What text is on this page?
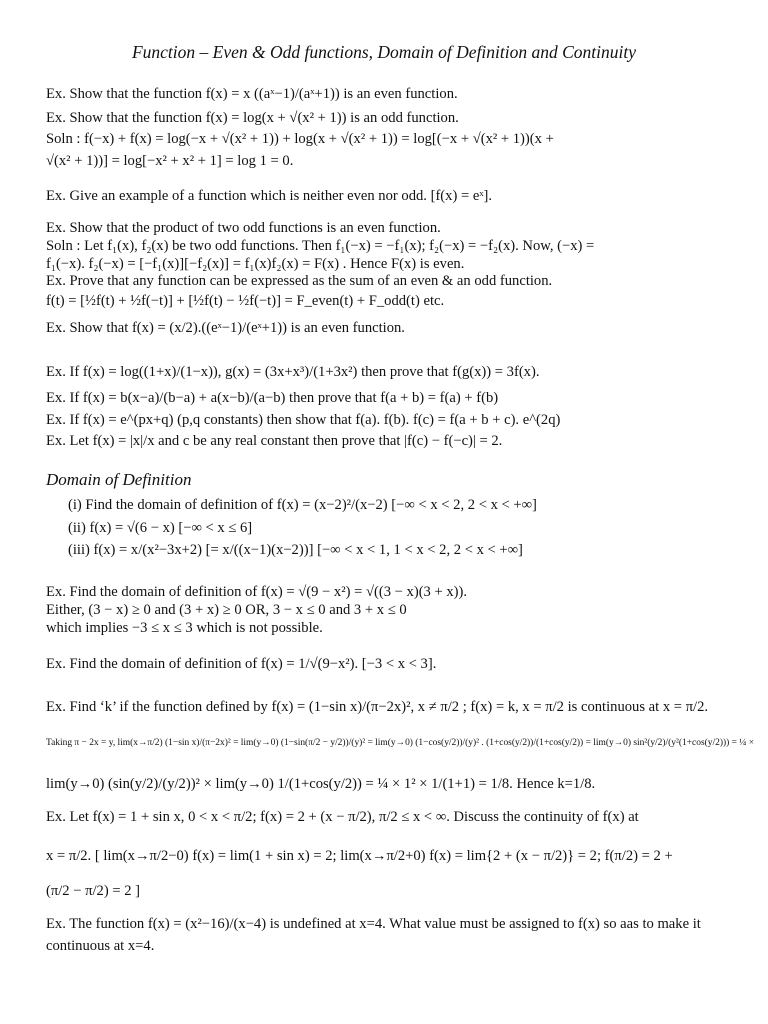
Function – Even & Odd functions, Domain of Definition and Continuity
Ex. Show that the function f(x) = x ((aˣ−1)/(aˣ+1)) is an even function.
Ex. Show that the function f(x) = log(x + √(x² + 1)) is an odd function.
Soln : f(−x) + f(x) = log(−x + √(x² + 1)) + log(x + √(x² + 1)) = log[(−x + √(x² + 1))(x +
√(x² + 1))] = log[−x² + x² + 1] = log 1 = 0.
Ex. Give an example of a function which is neither even nor odd. [f(x) = eˣ].
Ex. Show that the product of two odd functions is an even function.
Soln : Let f₁(x), f₂(x) be two odd functions. Then f₁(−x) = −f₁(x); f₂(−x) = −f₂(x). Now, (−x) =
f₁(−x). f₂(−x) = [−f₁(x)][−f₂(x)] = f₁(x)f₂(x) = F(x) . Hence F(x) is even.
Ex. Prove that any function can be expressed as the sum of an even & an odd function.
f(t) = [½f(t) + ½f(−t)] + [½f(t) − ½f(−t)] = F_even(t) + F_odd(t) etc.
Ex. Show that f(x) = (x/2).((eˣ−1)/(eˣ+1)) is an even function.
Ex. If f(x) = log((1+x)/(1−x)), g(x) = (3x+x³)/(1+3x²) then prove that f(g(x)) = 3f(x).
Ex. If f(x) = b(x−a)/(b−a) + a(x−b)/(a−b) then prove that f(a + b) = f(a) + f(b)
Ex. If f(x) = e^(px+q) (p,q constants) then show that f(a). f(b). f(c) = f(a + b + c). e^(2q)
Ex. Let f(x) = |x|/x and c be any real constant then prove that |f(c) − f(−c)| = 2.
Domain of Definition
(i) Find the domain of definition of f(x) = (x−2)²/(x−2) [−∞ < x < 2, 2 < x < +∞]
(ii) f(x) = √(6 − x) [−∞ < x ≤ 6]
(iii) f(x) = x/(x²−3x+2) [= x/((x−1)(x−2))] [−∞ < x < 1, 1 < x < 2, 2 < x < +∞]
Ex. Find the domain of definition of f(x) = √(9 − x²) = √((3 − x)(3 + x)).
Either, (3 − x) ≥ 0 and (3 + x) ≥ 0 OR, 3 − x ≤ 0 and 3 + x ≤ 0
which implies −3 ≤ x ≤ 3 which is not possible.
Ex. Find the domain of definition of f(x) = 1/√(9−x²). [−3 < x < 3].
Ex. Find ‘k’ if the function defined by f(x) = (1−sin x)/(π−2x)², x ≠ π/2 ; f(x) = k, x = π/2 is continuous at x = π/2.
Taking π − 2x = y, lim(x→π/2) (1−sin x)/(π−2x)² = lim(y→0) (1−sin(π/2 − y/2))/(y)² = lim(y→0) (1−cos(y/2))/(y)² . (1+cos(y/2))/(1+cos(y/2)) = lim(y→0) sin²(y/2)/(y²(1+cos(y/2))) = ¼ ×
lim(y→0) (sin(y/2)/(y/2))² × lim(y→0) 1/(1+cos(y/2)) = ¼ × 1² × 1/(1+1) = 1/8. Hence k=1/8.
Ex. Let f(x) = 1 + sin x, 0 < x < π/2; f(x) = 2 + (x − π/2), π/2 ≤ x < ∞. Discuss the continuity of f(x) at
x = π/2. [ lim(x→π/2−0) f(x) = lim(1 + sin x) = 2; lim(x→π/2+0) f(x) = lim{2 + (x − π/2)} = 2; f(π/2) = 2 +
(π/2 − π/2) = 2 ]
Ex. The function f(x) = (x²−16)/(x−4) is undefined at x=4. What value must be assigned to f(x) so aas to make it
continuous at x=4.
